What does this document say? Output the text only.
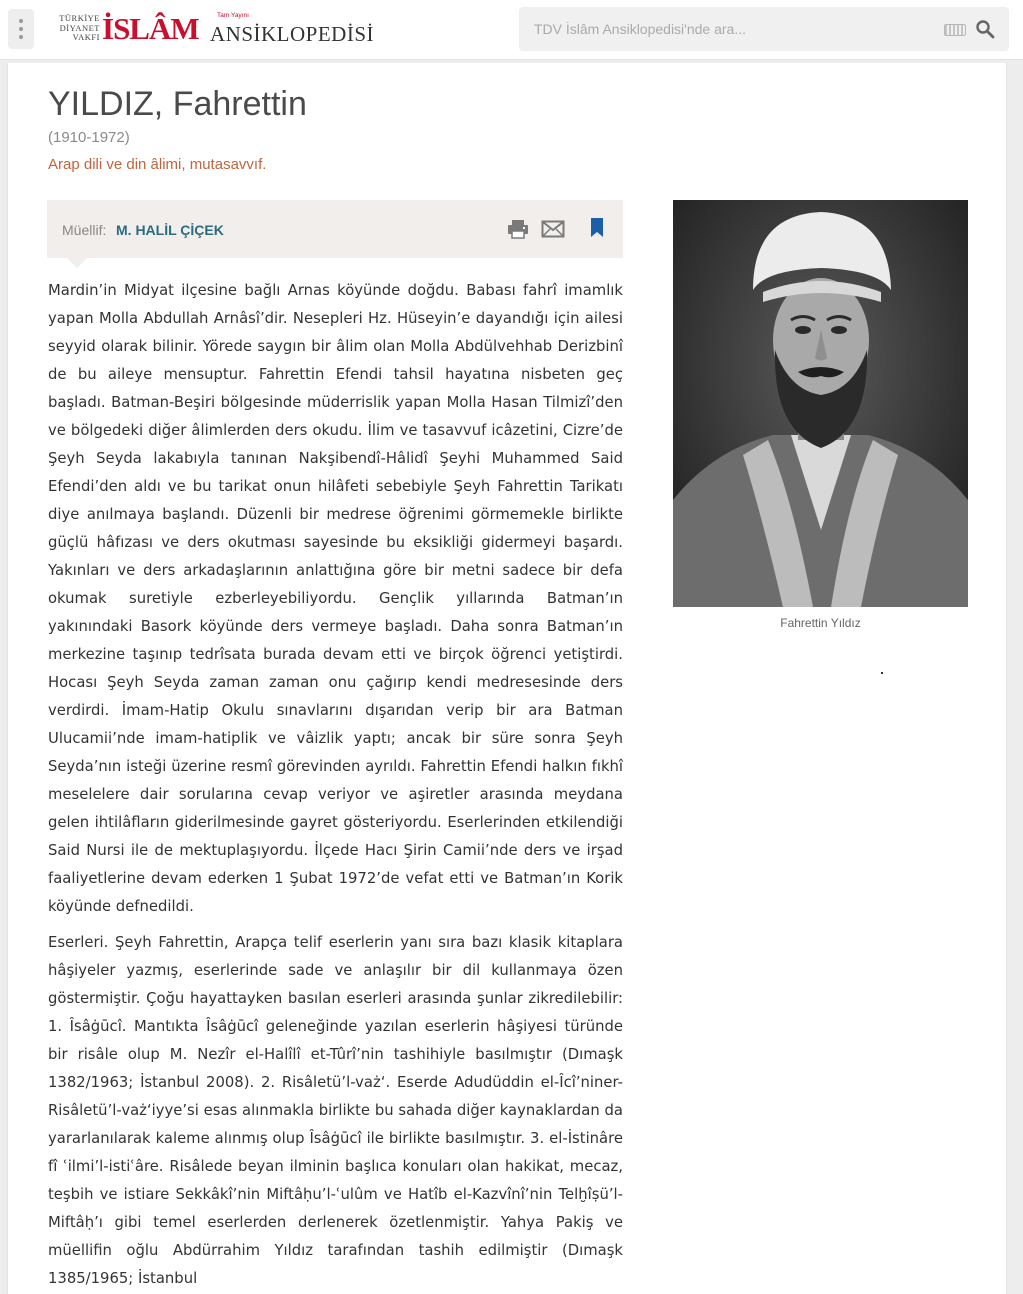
TÜRKİYE
DİYANET
VAKFI İSLÂM	Tam Yayını
ANSİKLOPEDİSİ
TDV İslâm Ansiklopedisi'nde ara...
YILDIZ, Fahrettin
(1910-1972)
Arap dili ve din âlimi, mutasavvıf.
Müellif: M. HALİL ÇİÇEK

Mardin’in Midyat ilçesine bağlı Arnas köyünde doğdu. Babası fahrî imamlık yapan Molla Abdullah Arnâsî’dir. Nesepleri Hz. Hüseyin’e dayandığı için ailesi seyyid olarak bilinir. Yörede saygın bir âlim olan Molla Abdülvehhab Derizbinî de bu aileye mensuptur. Fahrettin Efendi tahsil hayatına nisbeten geç başladı. Batman-Beşiri bölgesinde müderrislik yapan Molla Hasan Tilmizî’den ve bölgedeki diğer âlimlerden ders okudu. İlim ve tasavvuf icâzetini, Cizre’de Şeyh Seyda lakabıyla tanınan Nakşibendî-Hâlidî Şeyhi Muhammed Said Efendi’den aldı ve bu tarikat onun hilâfeti sebebiyle Şeyh Fahrettin Tarikatı diye anılmaya başlandı. Düzenli bir medrese öğrenimi görmemekle birlikte güçlü hâfızası ve ders okutması sayesinde bu eksikliği gidermeyi başardı. Yakınları ve ders arkadaşlarının anlattığına göre bir metni sadece bir defa okumak suretiyle ezberleyebiliyordu. Gençlik yıllarında Batman’ın yakınındaki Basork köyünde ders vermeye başladı. Daha sonra Batman’ın merkezine taşınıp tedrîsata burada devam etti ve birçok öğrenci yetiştirdi. Hocası Şeyh Seyda zaman zaman onu çağırıp kendi medresesinde ders verdirdi. İmam-Hatip Okulu sınavlarını dışarıdan verip bir ara Batman Ulucamii’nde imam-hatiplik ve vâizlik yaptı; ancak bir süre sonra Şeyh Seyda’nın isteği üzerine resmî görevinden ayrıldı. Fahrettin Efendi halkın fıkhî meselelere dair sorularına cevap veriyor ve aşiretler arasında meydana gelen ihtilâfların giderilmesinde gayret gösteriyordu. Eserlerinden etkilendiği Said Nursi ile de mektuplaşıyordu. İlçede Hacı Şirin Camii’nde ders ve irşad faaliyetlerine devam ederken 1 Şubat 1972’de vefat etti ve Batman’ın Korik köyünde defnedildi.

Eserleri. Şeyh Fahrettin, Arapça telif eserlerin yanı sıra bazı klasik kitaplara hâşiyeler yazmış, eserlerinde sade ve anlaşılır bir dil kullanmaya özen göstermiştir. Çoğu hayattayken basılan eserleri arasında şunlar zikredilebilir: 1. Îsâġūcî. Mantıkta Îsâġūcî geleneğinde yazılan eserlerin hâşiyesi türünde bir risâle olup M. Nezîr el-Halîlî et-Tûrî’nin tashihiyle basılmıştır (Dımaşk 1382/1963; İstanbul 2008). 2. Risâletü’l-vaż‘. Eserde Adudüddin el-Îcî’niner-Risâletü’l-vaż‘iyye’si esas alınmakla birlikte bu sahada diğer kaynaklardan da yararlanılarak kaleme alınmış olup Îsâġūcî ile birlikte basılmıştır. 3. el-İstinâre fî ʿilmi’l-istiʿâre. Risâlede beyan ilminin başlıca konuları olan hakikat, mecaz, teşbih ve istiare Sekkâkî’nin Miftâḥu’l-ʿulûm ve Hatîb el-Kazvînî’nin Telḫîṣü’l-Miftâḥ’ı gibi temel eserlerden derlenerek özetlenmiştir. Yahya Pakiş ve müellifin oğlu Abdürrahim Yıldız tarafından tashih edilmiştir (Dımaşk 1385/1965; İstanbul

Fahrettin Yıldız
